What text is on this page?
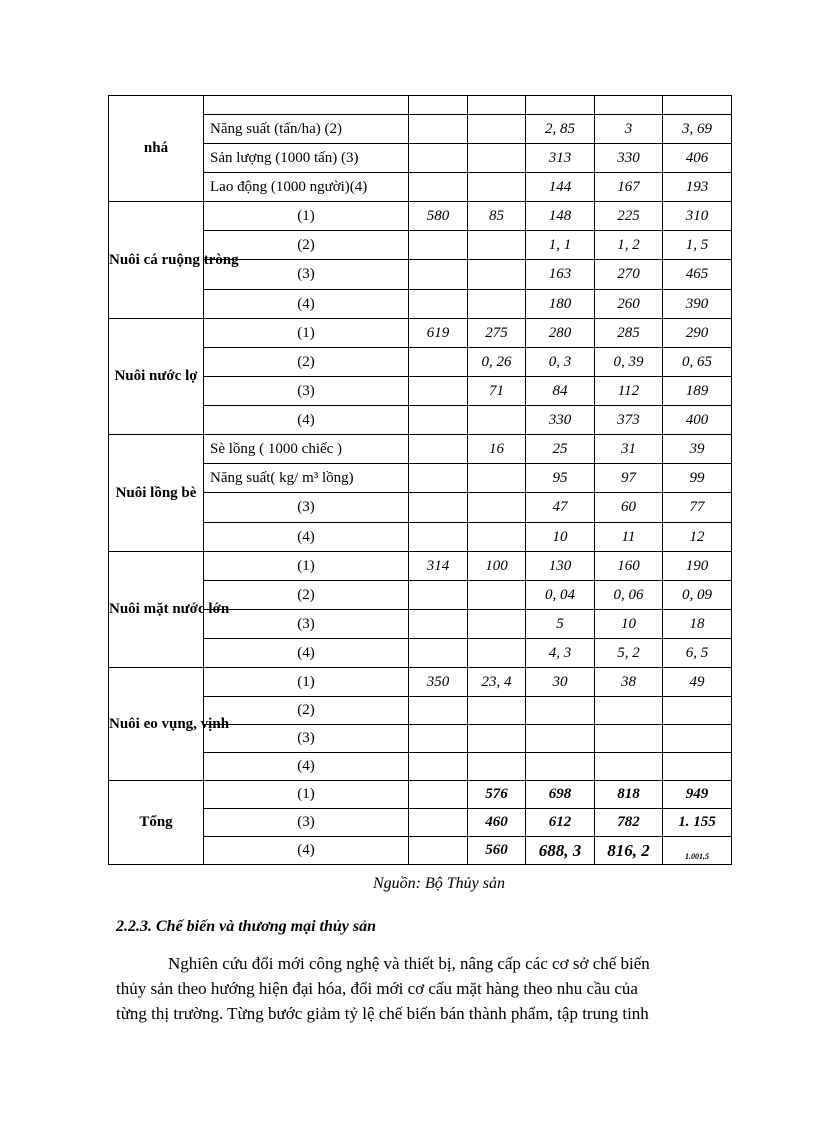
nhá						
	Năng suất (tấn/ha) (2)			2, 85	3	3, 69
	Sản lượng (1000 tấn) (3)			313	330	406
	Lao động (1000 người)(4)			144	167	193
Nuôi cá ruộng tròng	(1)	580	85	148	225	310
	(2)			1, 1	1, 2	1, 5
	(3)			163	270	465
	(4)			180	260	390
Nuôi nước lợ	(1)	619	275	280	285	290
	(2)		0, 26	0, 3	0, 39	0, 65
	(3)		71	84	112	189
	(4)			330	373	400
Nuôi lồng bè	Sè lồng ( 1000 chiếc )		16	25	31	39
	Năng suất( kg/ m³ lồng)			95	97	99
	(3)			47	60	77
	(4)			10	11	12
Nuôi mặt nước lớn	(1)	314	100	130	160	190
	(2)			0, 04	0, 06	0, 09
	(3)			5	10	18
	(4)			4, 3	5, 2	6, 5
Nuôi eo vụng, vịnh	(1)	350	23, 4	30	38	49
	(2)					
	(3)					
	(4)					
Tổng	(1)		576	698	818	949
	(3)		460	612	782	1. 155
	(4)		560	688, 3	816, 2	1.001,5
Nguồn: Bộ Thủy sản
2.2.3. Chế biến và thương mại thủy sản

Nghiên cứu đổi mới công nghệ và thiết bị, nâng cấp các cơ sở chế biến

thủy sản theo hướng hiện đại hóa, đổi mới cơ cấu mặt hàng theo nhu cầu của

từng thị trường. Từng bước giảm tỷ lệ chế biến bán thành phẩm, tập trung tinh
